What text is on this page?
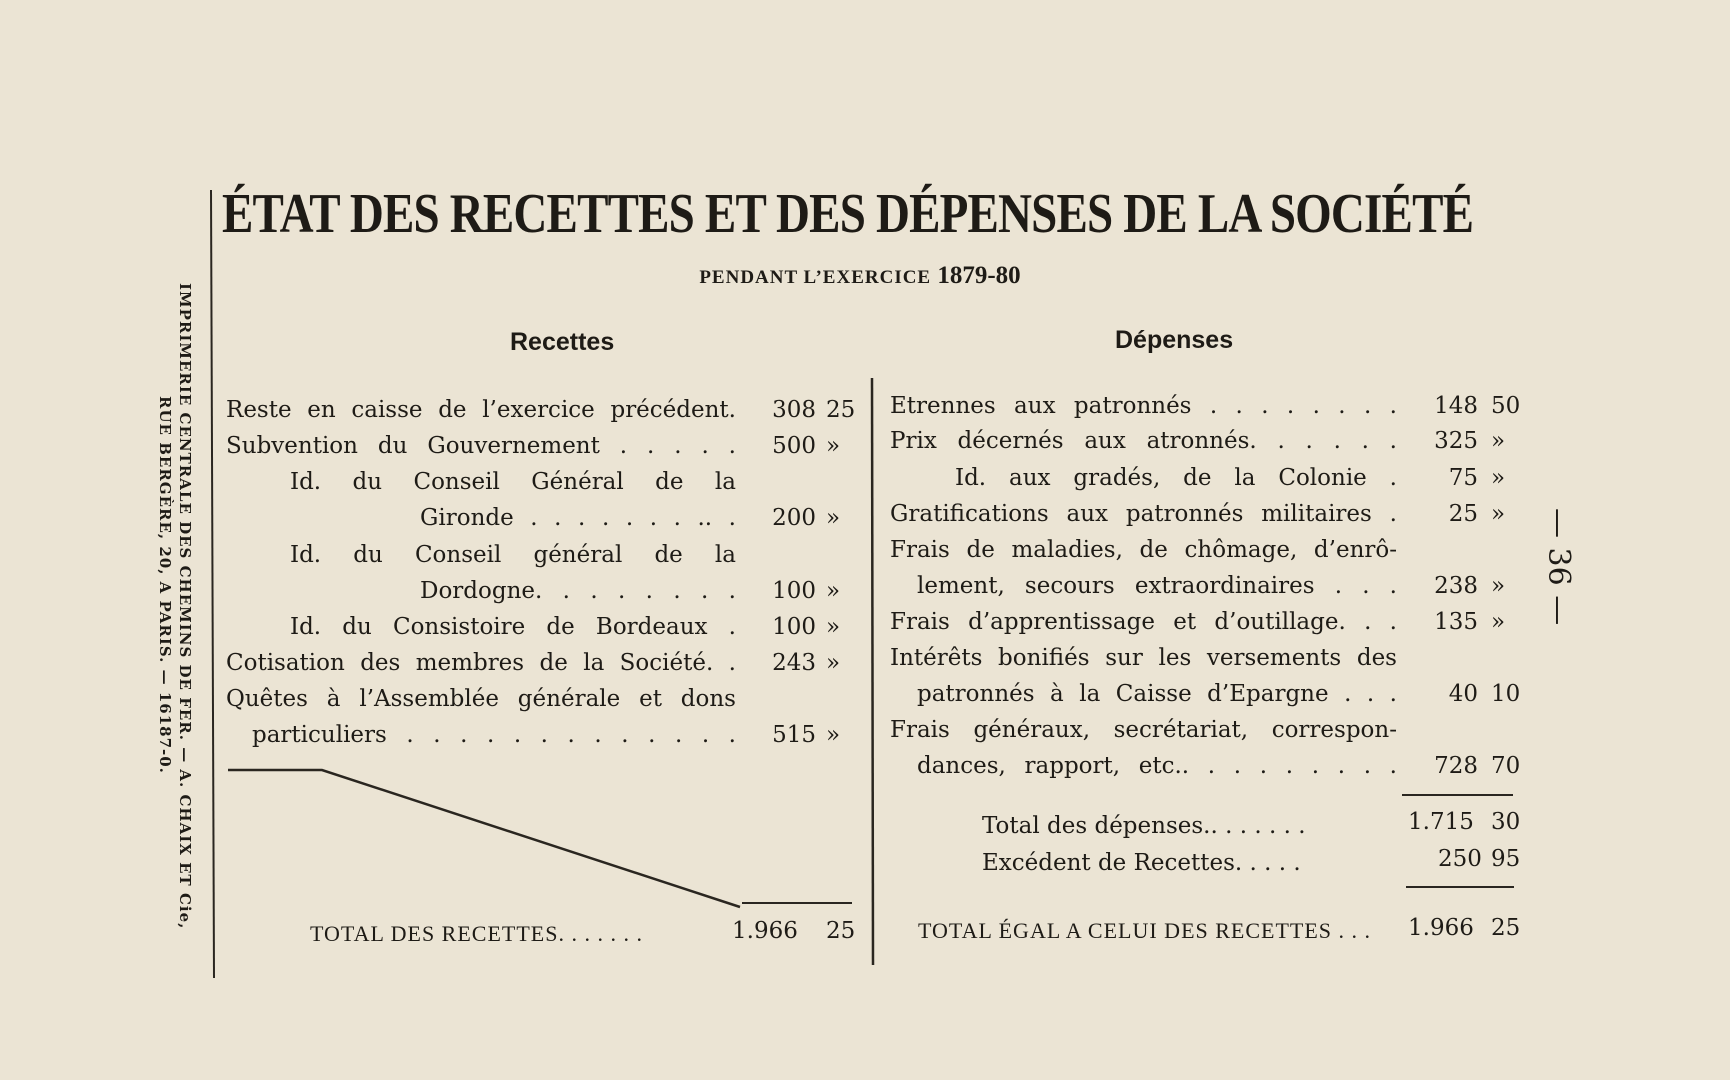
IMPRIMERIE CENTRALE DES CHEMINS DE FER. — A. CHAIX ET Cie,
RUE BERGÈRE, 20, A PARIS. — 16187-0.	— 36 —
ÉTAT DES RECETTES ET DES DÉPENSES DE LA SOCIÉTÉ
PENDANT L’EXERCICE 1879-80
Recettes	Dépenses
Reste en caisse de l’exercice précédent.	308 25
Subvention du Gouvernement . . . . .	500 »
Id. du Conseil Général de la
Gironde . . . . . . . .. .	200 »
Id. du Conseil général de la
Dordogne. . . . . . . .	100 »
Id. du Consistoire de Bordeaux .	100 »
Cotisation des membres de la Société. .	243 »
Quêtes à l’Assemblée générale et dons
particuliers . . . . . . . . . . . . .	515 »
Etrennes aux patronnés . . . . . . . .	148 50
Prix décernés aux atronnés. . . . . .	325 »
Id. aux gradés, de la Colonie .	75 »
Gratifications aux patronnés militaires .	25 »
Frais de maladies, de chômage, d’enrô-
lement, secours extraordinaires . . .	238 »
Frais d’apprentissage et d’outillage. . .	135 »
Intérêts bonifiés sur les versements des
patronnés à la Caisse d’Epargne . . .	40 10
Frais généraux, secrétariat, correspon-
dances, rapport, etc.. . . . . . . . .	728 70
TOTAL DES RECETTES. . . . . . .	1.966 25
Total des dépenses.. . . . . . .	1.715 30
Excédent de Recettes. . . . .	250 95
TOTAL ÉGAL A CELUI DES RECETTES . . . 1.966 25
